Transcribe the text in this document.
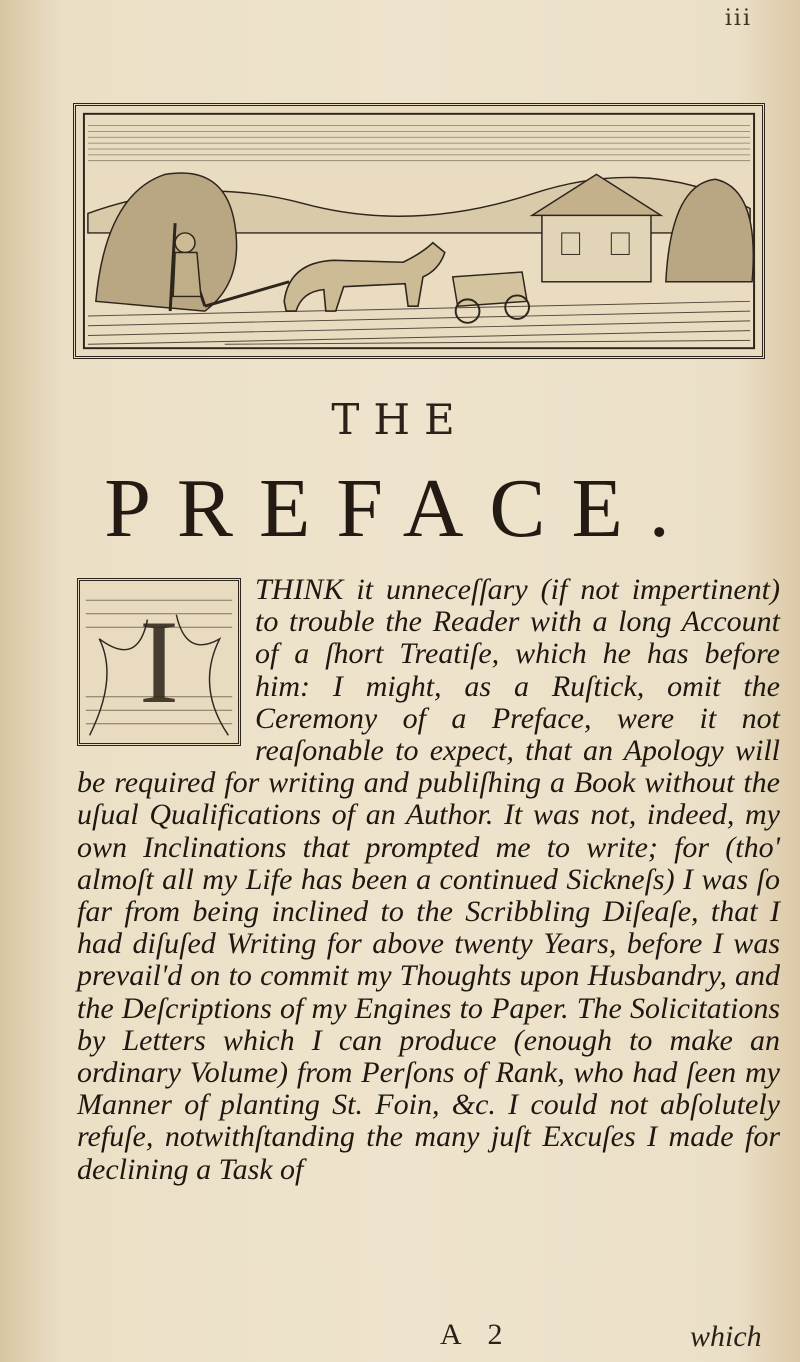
iii
THE
PREFACE.
I
THINK it unneceſſary (if not impertinent) to trouble the Reader with a long Account of a ſhort Treatiſe, which he has before him: I might, as a Ruſtick, omit the Ceremony of a Preface, were it not reaſonable to expect, that an Apology will be required for writing and publiſhing a Book without the uſual Qualifications of an Author. It was not, indeed, my own Inclinations that prompted me to write; for (tho' almoſt all my Life has been a continued Sickneſs) I was ſo far from being inclined to the Scribbling Diſeaſe, that I had diſuſed Writing for above twenty Years, before I was prevail'd on to commit my Thoughts upon Husbandry, and the Deſcriptions of my Engines to Paper. The Solicitations by Letters which I can produce (enough to make an ordinary Volume) from Perſons of Rank, who had ſeen my Manner of planting St. Foin, &c. I could not abſolutely refuſe, notwithſtanding the many juſt Excuſes I made for declining a Task of
A 2	which
